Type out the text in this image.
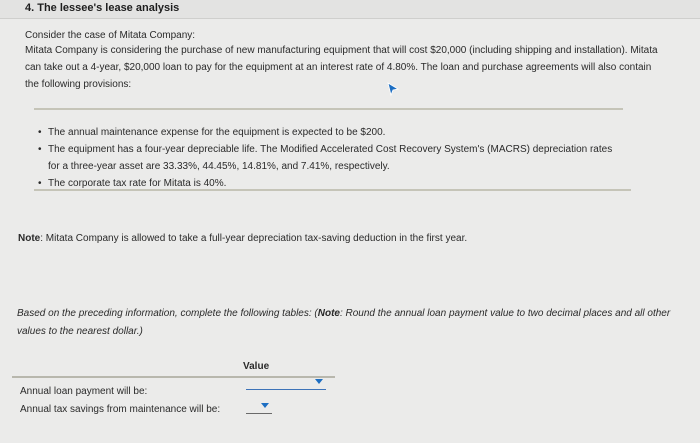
4. The lessee's lease analysis
Consider the case of Mitata Company:
Mitata Company is considering the purchase of new manufacturing equipment that will cost $20,000 (including shipping and installation). Mitata can take out a 4-year, $20,000 loan to pay for the equipment at an interest rate of 4.80%. The loan and purchase agreements will also contain the following provisions:
• The annual maintenance expense for the equipment is expected to be $200.
• The equipment has a four-year depreciable life. The Modified Accelerated Cost Recovery System's (MACRS) depreciation rates for a three-year asset are 33.33%, 44.45%, 14.81%, and 7.41%, respectively.
• The corporate tax rate for Mitata is 40%.
Note: Mitata Company is allowed to take a full-year depreciation tax-saving deduction in the first year.
Based on the preceding information, complete the following tables: (Note: Round the annual loan payment value to two decimal places and all other values to the nearest dollar.)
Value
Annual loan payment will be:
Annual tax savings from maintenance will be:
